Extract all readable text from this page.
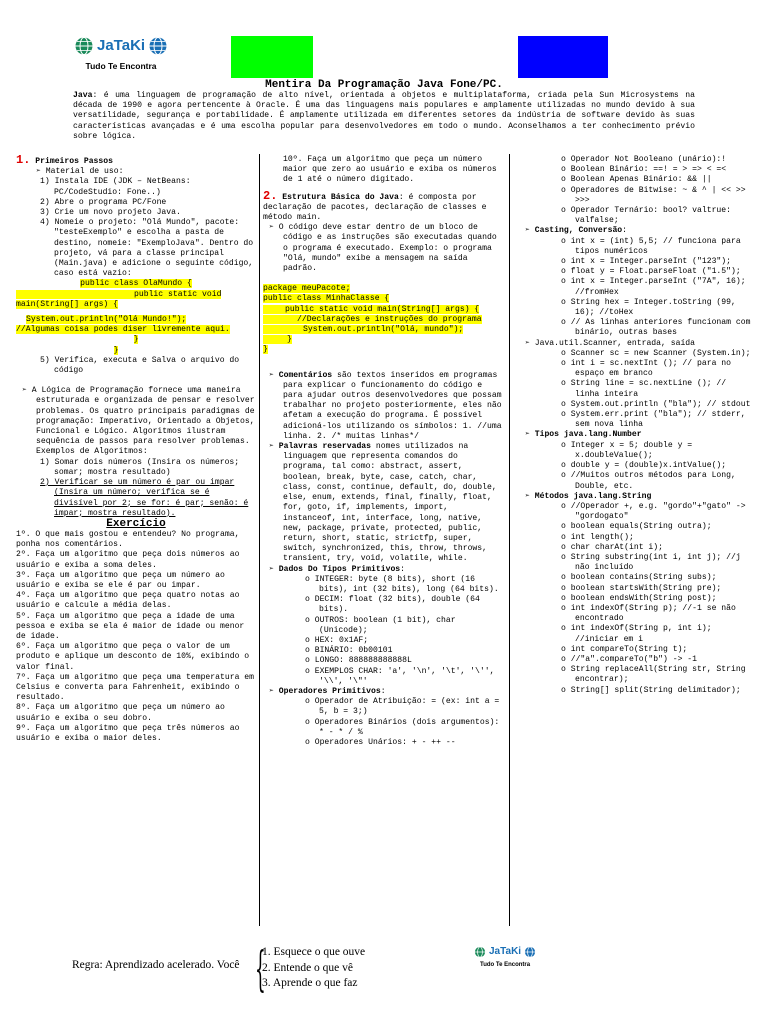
JaTaKi
Tudo Te Encontra
Mentira Da Programação Java Fone/PC.
Java: é uma linguagem de programação de alto nível, orientada a objetos e multiplataforma, criada pela Sun Microsystems na década de 1990 e agora pertencente à Oracle. É uma das linguagens mais populares e amplamente utilizadas no mundo devido à sua versatilidade, segurança e portabilidade. É amplamente utilizada em diferentes setores da indústria de software devido às suas características avançadas e é uma escolha popular para desenvolvedores em todo o mundo. Aconselhamos a ter conhecimento prévio sobre lógica.
1. Primeiros Passos
➢ Material de uso:
1) Instala IDE (JDK – NetBeans: PC/CodeStudio: Fone..)
2) Abre o programa PC/Fone
3) Crie um novo projeto Java.
4) Nomeie o projeto: "Olá Mundo", pacote: "testeExemplo" e escolha a pasta de destino, nomeie: "ExemploJava". Dentro do projeto, vá para a classe principal (Main.java) e adicione o seguinte código, caso está vazio:
public class OlaMundo {
public static void main(String[] args) {
System.out.println("Olá Mundo!");
//Algumas coisa podes diser livremente aqui.
}
}
5) Verifica, executa e Salva o arquivo do código
➢ A Lógica de Programação fornece uma maneira estruturada e organizada de pensar e resolver problemas. Os quatro principais paradigmas de programação: Imperativo, Orientado a Objetos, Funcional e Lógico. Algoritmos ilustram sequência de passos para resolver problemas. Exemplos de Algoritmos:
1) Somar dois números (Insira os números; somar; mostra resultado)
2) Verificar se um número é par ou impar (Insira um número; verifica se é divisível por 2; se for: é par; senão: é impar; mostra resultado).
Exercício
1º. O que mais gostou e entendeu? No programa, ponha nos comentários.
2º. Faça um algoritmo que peça dois números ao usuário e exiba a soma deles.
3º. Faça um algoritmo que peça um número ao usuário e exiba se ele é par ou impar.
4º. Faça um algoritmo que peça quatro notas ao usuário e calcule a média delas.
5º. Faça um algoritmo que peça a idade de uma pessoa e exiba se ela é maior de idade ou menor de idade.
6º. Faça um algoritmo que peça o valor de um produto e aplique um desconto de 10%, exibindo o valor final.
7º. Faça um algoritmo que peça uma temperatura em Celsius e converta para Fahrenheit, exibindo o resultado.
8º. Faça um algoritmo que peça um número ao usuário e exiba o seu dobro.
9º. Faça um algoritmo que peça três números ao usuário e exiba o maior deles.
10º. Faça um algoritmo que peça um número maior que zero ao usuário e exiba os números de 1 até o número digitado.
2. Estrutura Básica do Java: é composta por declaração de pacotes, declaração de classes e método main.
➢ O código deve estar dentro de um bloco de código e as instruções são executadas quando o programa é executado. Exemplo: o programa "Olá, mundo" exibe a mensagem na saída padrão.
package meuPacote;
public class MinhaClasse {
public static void main(String[] args) {
//Declarações e instruções do programa
System.out.println("Olá, mundo");
}
}
➢ Comentários são textos inseridos em programas para explicar o funcionamento do código e para ajudar outros desenvolvedores que possam trabalhar no projeto posteriormente, eles não afetam a execução do programa. É possível adicioná-los utilizando os símbolos: 1. //uma linha. 2. /* muitas linhas*/
➢ Palavras reservadas nomes utilizados na linguagem que representa comandos do programa, tal como: abstract, assert, boolean, break, byte, case, catch, char, class, const, continue, default, do, double, else, enum, extends, final, finally, float, for, goto, if, implements, import, instanceof, int, interface, long, native, new, package, private, protected, public, return, short, static, strictfp, super, switch, synchronized, this, throw, throws, transient, try, void, volatile, while.
➢ Dados Do Tipos Primitivos:
o INTEGER: byte (8 bits), short (16 bits), int (32 bits), long (64 bits).
o DECIM: float (32 bits), double (64 bits).
o OUTROS: boolean (1 bit), char (Unicode);
o HEX: 0x1AF;
o BINÁRIO: 0b00101
o LONGO: 888888888888L
o EXEMPLOS CHAR: 'a', '\n', '\t', '\'', '\\', '\"'
➢ Operadores Primitivos:
o Operador de Atribuição: = (ex: int a = 5, b = 3;)
o Operadores Binários (dois argumentos): * - * / %
o Operadores Unários: + - ++ --
o Operador Not Booleano (unário):!
o Boolean Binário: ==! = > => < =<
o Boolean Apenas Binário: && ||
o Operadores de Bitwise: ~ & ^ | << >> >>>
o Operador Ternário: bool? valtrue: valfalse;
➢ Casting, Conversão:
o int x = (int) 5,5; // funciona para tipos numéricos
o int x = Integer.parseInt ("123");
o float y = Float.parseFloat ("1.5");
o int x = Integer.parseInt ("7A", 16); //fromHex
o String hex = Integer.toString (99, 16); //toHex
o // As linhas anteriores funcionam com binário, outras bases
➢ Java.util.Scanner, entrada, saída
o Scanner sc = new Scanner (System.in);
o int i = sc.nextInt (); // para no espaço em branco
o String line = sc.nextLine (); // linha inteira
o System.out.println ("bla"); // stdout
o System.err.print ("bla"); // stderr, sem nova linha
➢ Tipos java.lang.Number
o Integer x = 5; double y = x.doubleValue();
o double y = (double)x.intValue();
o //Muitos outros métodos para Long, Double, etc.
➢ Métodos java.lang.String
o //Operador +, e.g. "gordo"+"gato" -> "gordogato"
o boolean equals(String outra);
o int length();
o char charAt(int i);
o String substring(int i, int j); //j não incluído
o boolean contains(String subs);
o boolean startsWith(String pre);
o boolean endsWith(String post);
o int indexOf(String p); //-1 se não encontrado
o int indexOf(String p, int i); //iniciar em i
o int compareTo(String t);
o //"a".compareTo("b") -> -1
o String replaceAll(String str, String encontrar);
o String[] split(String delimitador);
Regra: Aprendizado acelerado. Você {
1. Esquece o que ouve
2. Entende o que vê
3. Aprende o que faz
JaTaKi
Tudo Te Encontra
